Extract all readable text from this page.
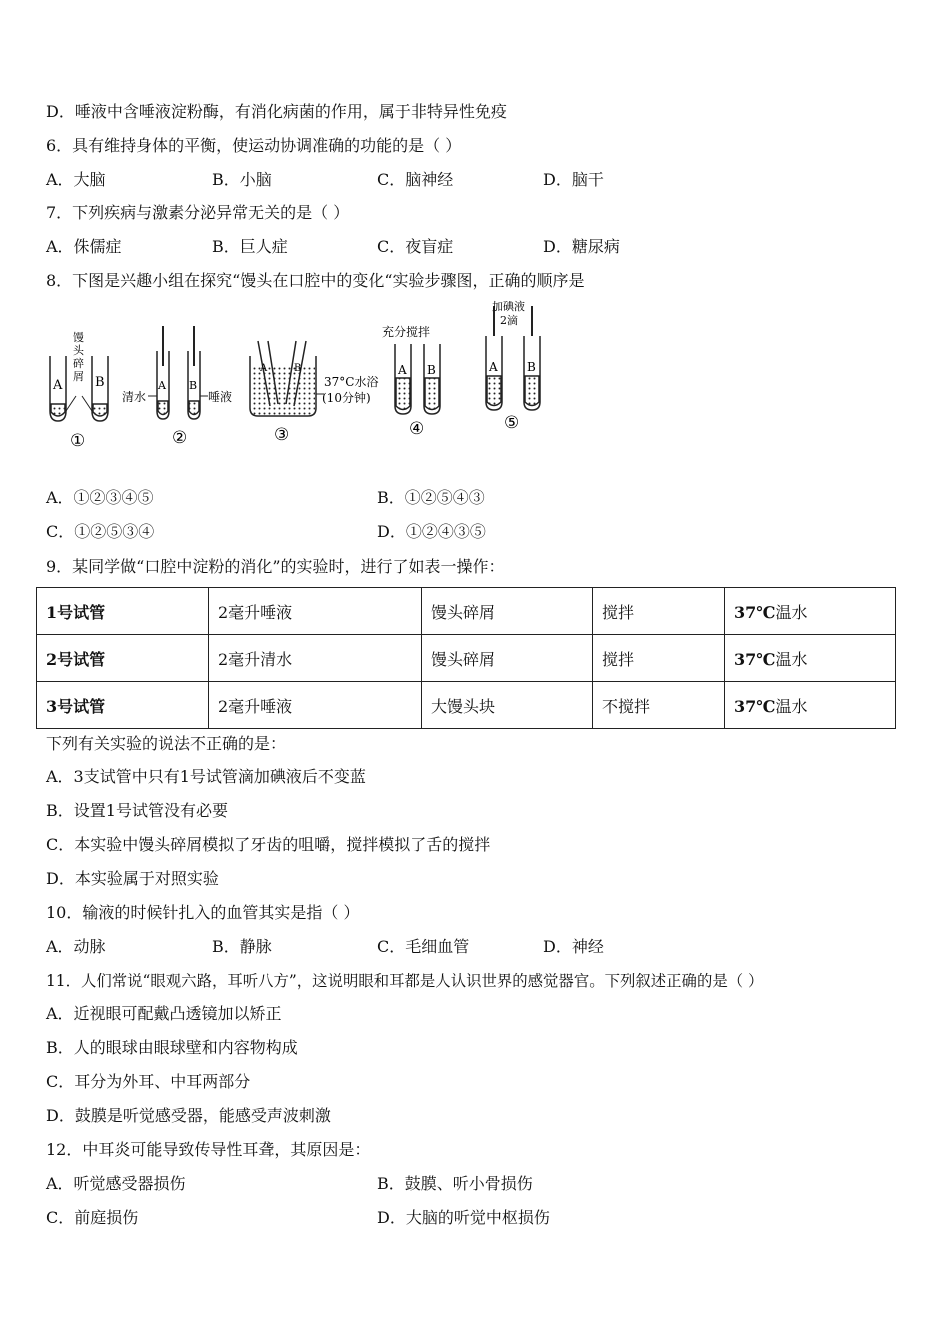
D．唾液中含唾液淀粉酶，有消化病菌的作用，属于非特异性免疫
6．具有维持身体的平衡，使运动协调准确的功能的是（ ）
A．大脑	B．小脑	C．脑神经	D．脑干
7．下列疾病与激素分泌异常无关的是（ ）
A．侏儒症	B．巨人症	C．夜盲症	D．糖尿病
8．下图是兴趣小组在探究“馒头在口腔中的变化“实验步骤图，正确的顺序是
A	B
馒
头
碎
屑
清水	唾液
A B
A	B
37°C水浴
(10分钟)
A B
充分搅拌
A B
加碘液
2滴
①	②	③	④	⑤
A．①②③④⑤	B．①②⑤④③
C．①②⑤③④	D．①②④③⑤
9．某同学做“口腔中淀粉的消化”的实验时，进行了如表一操作：
1号试管	2毫升唾液	馒头碎屑	搅拌	37℃温水
2号试管	2毫升清水	馒头碎屑	搅拌	37℃温水
3号试管	2毫升唾液	大馒头块	不搅拌	37℃温水
下列有关实验的说法不正确的是：
A．3支试管中只有1号试管滴加碘液后不变蓝
B．设置1号试管没有必要
C．本实验中馒头碎屑模拟了牙齿的咀嚼，搅拌模拟了舌的搅拌
D．本实验属于对照实验
10．输液的时候针扎入的血管其实是指（ ）
A．动脉	B．静脉	C．毛细血管	D．神经
11．人们常说“眼观六路，耳听八方”，这说明眼和耳都是人认识世界的感觉器官。下列叙述正确的是（ ）
A．近视眼可配戴凸透镜加以矫正
B．人的眼球由眼球壁和内容物构成
C．耳分为外耳、中耳两部分
D．鼓膜是听觉感受器，能感受声波刺激
12．中耳炎可能导致传导性耳聋，其原因是：
A．听觉感受器损伤	B．鼓膜、听小骨损伤
C．前庭损伤	D．大脑的听觉中枢损伤
